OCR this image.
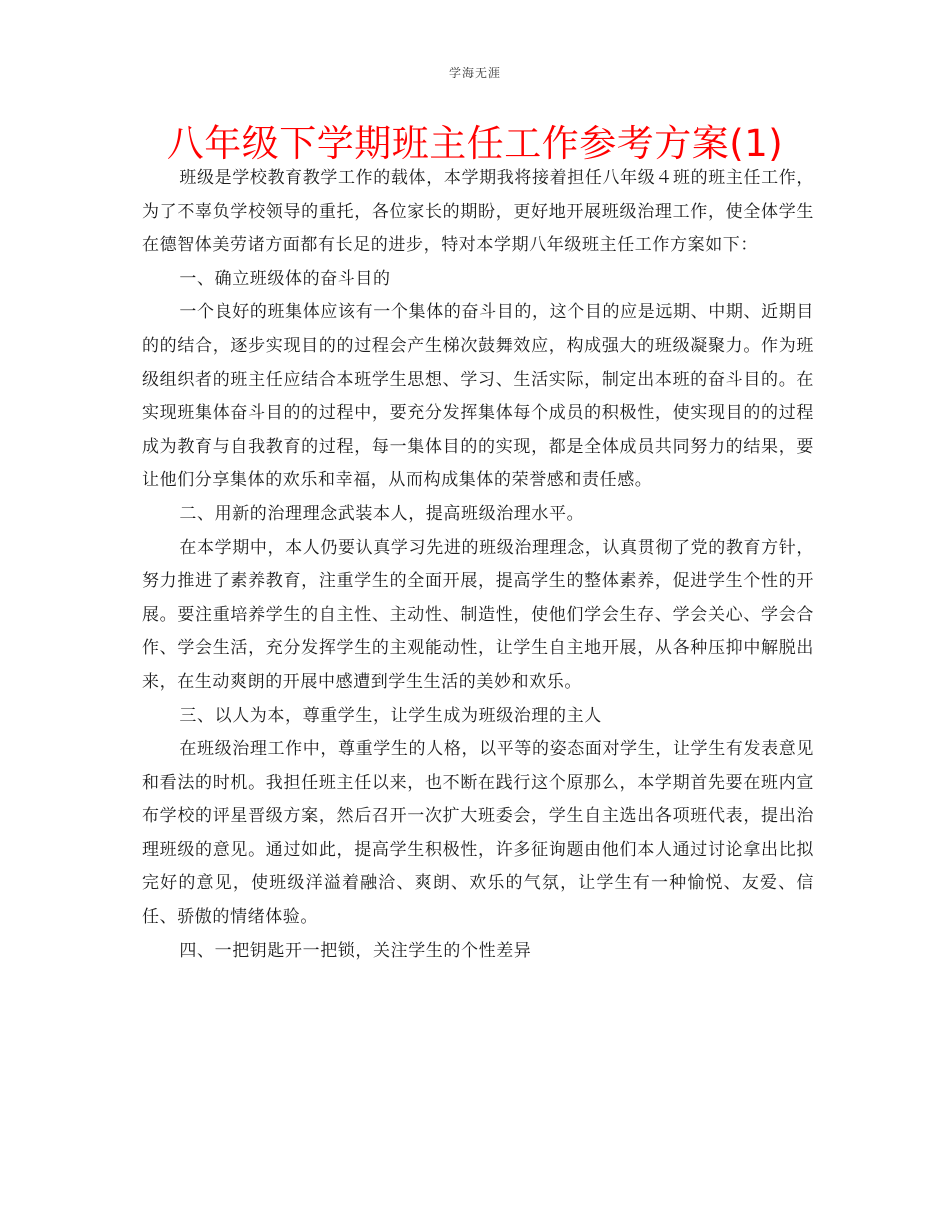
学海无涯
八年级下学期班主任工作参考方案(1)

班级是学校教育教学工作的载体，本学期我将接着担任八年级４班的班主任工作，为了不辜负学校领导的重托，各位家长的期盼，更好地开展班级治理工作，使全体学生在德智体美劳诸方面都有长足的进步，特对本学期八年级班主任工作方案如下：

一、确立班级体的奋斗目的

一个良好的班集体应该有一个集体的奋斗目的，这个目的应是远期、中期、近期目的的结合，逐步实现目的的过程会产生梯次鼓舞效应，构成强大的班级凝聚力。作为班级组织者的班主任应结合本班学生思想、学习、生活实际，制定出本班的奋斗目的。在实现班集体奋斗目的的过程中，要充分发挥集体每个成员的积极性，使实现目的的过程成为教育与自我教育的过程，每一集体目的的实现，都是全体成员共同努力的结果，要让他们分享集体的欢乐和幸福，从而构成集体的荣誉感和责任感。

二、用新的治理理念武装本人，提高班级治理水平。

在本学期中，本人仍要认真学习先进的班级治理理念，认真贯彻了党的教育方针，努力推进了素养教育，注重学生的全面开展，提高学生的整体素养，促进学生个性的开展。要注重培养学生的自主性、主动性、制造性，使他们学会生存、学会关心、学会合作、学会生活，充分发挥学生的主观能动性，让学生自主地开展，从各种压抑中解脱出来，在生动爽朗的开展中感遭到学生生活的美妙和欢乐。

三、以人为本，尊重学生，让学生成为班级治理的主人

在班级治理工作中，尊重学生的人格，以平等的姿态面对学生，让学生有发表意见和看法的时机。我担任班主任以来，也不断在践行这个原那么，本学期首先要在班内宣布学校的评星晋级方案，然后召开一次扩大班委会，学生自主选出各项班代表，提出治理班级的意见。通过如此，提高学生积极性，许多征询题由他们本人通过讨论拿出比拟完好的意见，使班级洋溢着融洽、爽朗、欢乐的气氛，让学生有一种愉悦、友爱、信任、骄傲的情绪体验。

四、一把钥匙开一把锁，关注学生的个性差异
